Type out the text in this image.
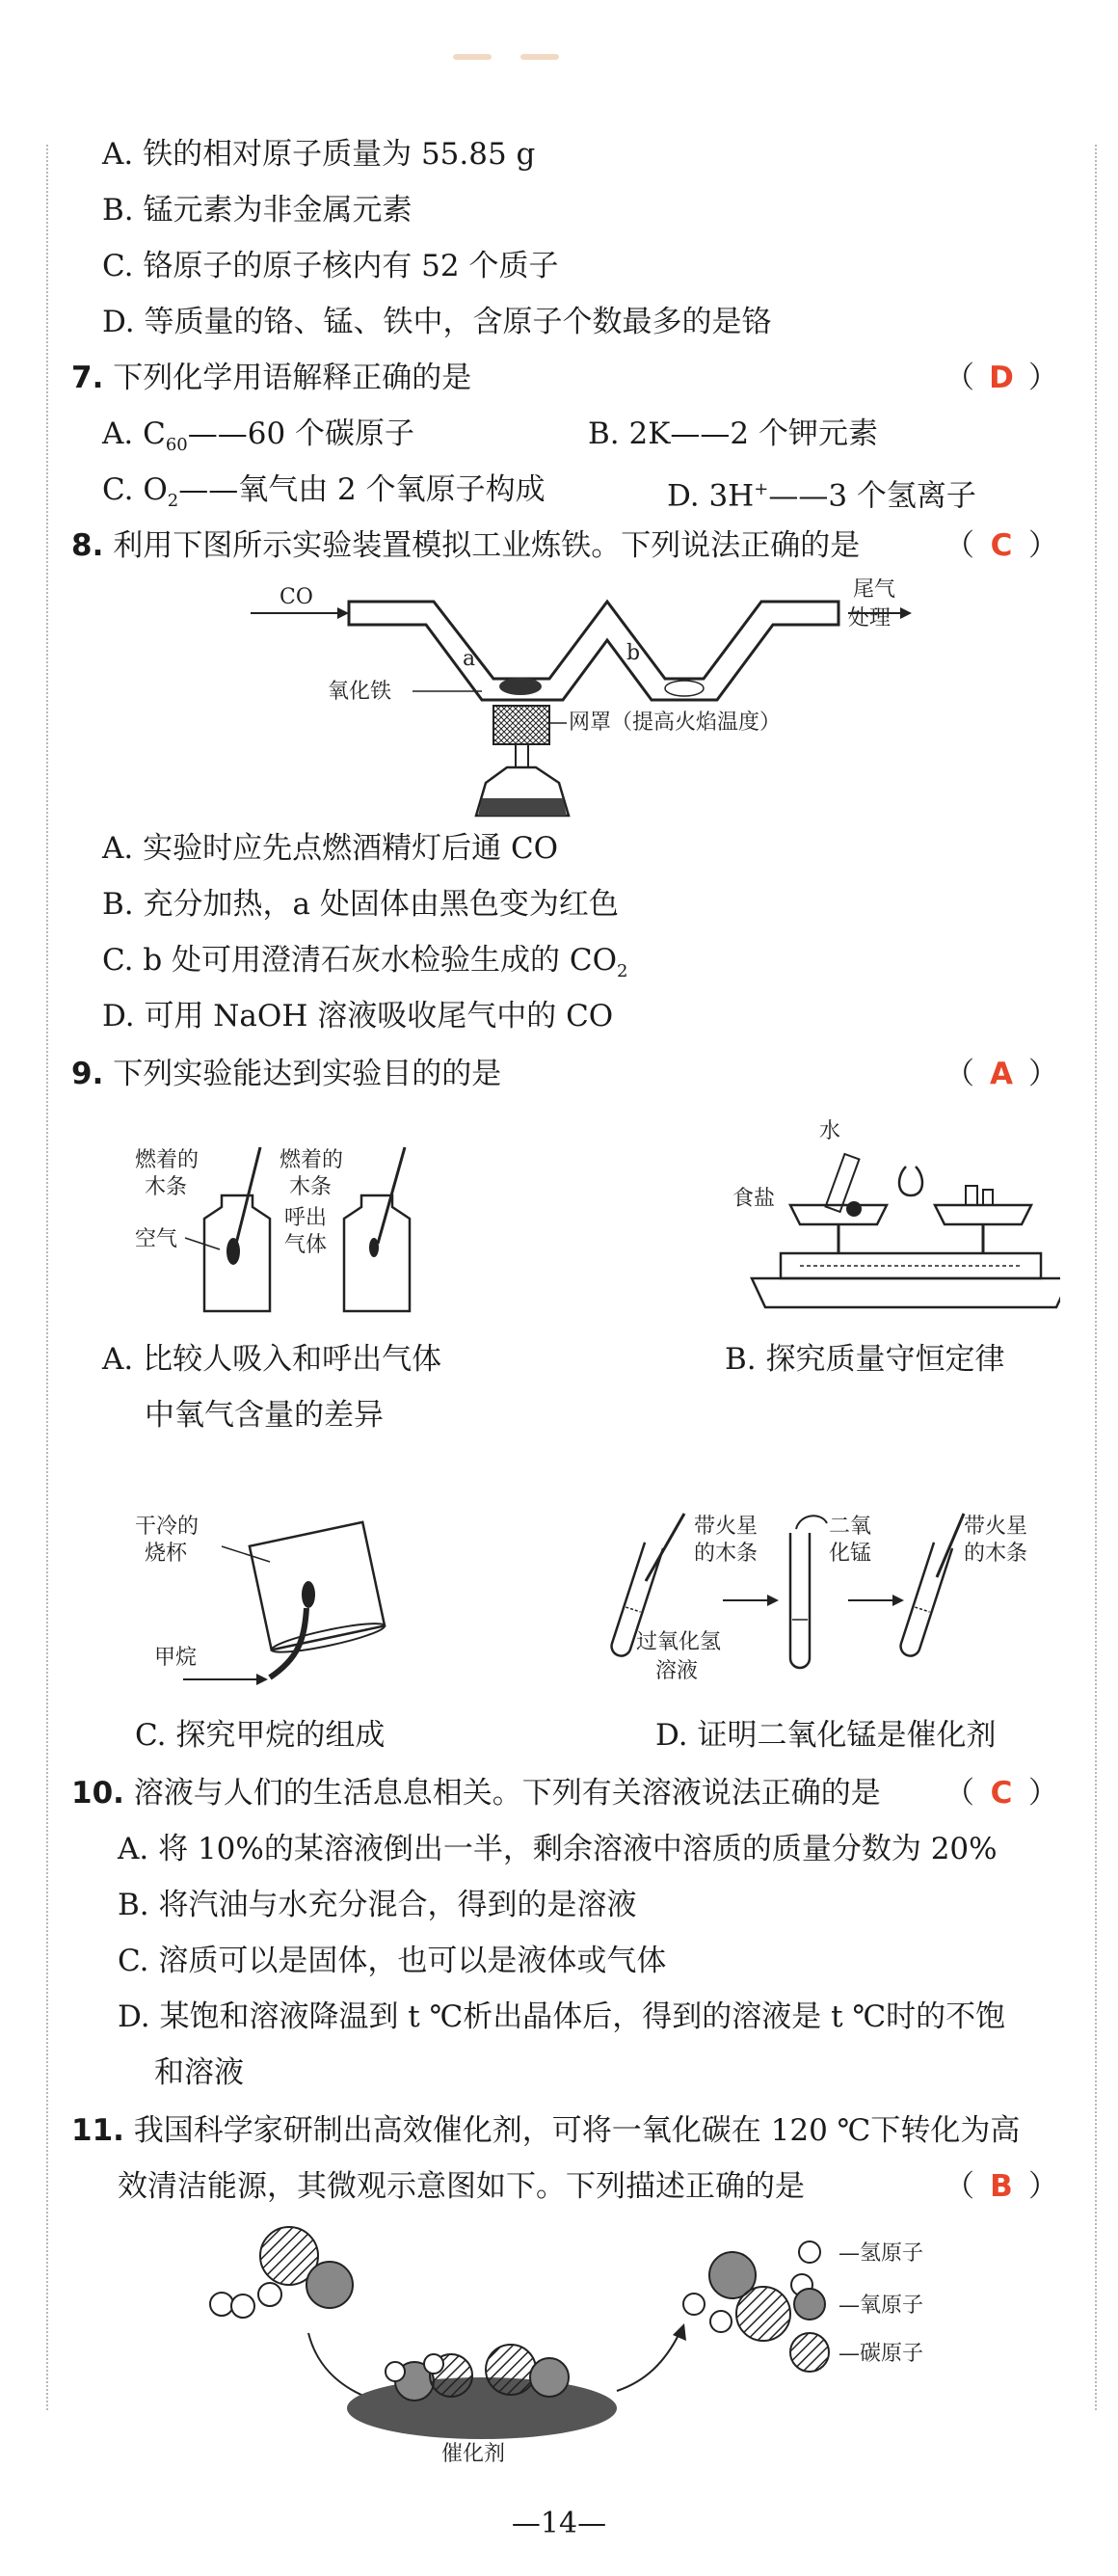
A. 铁的相对原子质量为 55.85 g
B. 锰元素为非金属元素
C. 铬原子的原子核内有 52 个质子
D. 等质量的铬、锰、铁中，含原子个数最多的是铬
7. 下列化学用语解释正确的是	（ D ）
A. $C_{60}——60$ 个碳原子	B. 2K——2 个钾元素
C. $O_2——$氧气由 2 个氧原子构成	D. 3H+——3 个氢离子
8. 利用下图所示实验装置模拟工业炼铁。下列说法正确的是	（ C ）
CO
a	b
尾气
处理
氧化铁
网罩（提高火焰温度）
A. 实验时应先点燃酒精灯后通 CO
B. 充分加热，a 处固体由黑色变为红色
C. b 处可用澄清石灰水检验生成的 $CO_2$
D. 可用 NaOH 溶液吸收尾气中的 CO
9. 下列实验能达到实验目的的是	（ A ）
燃着的
木条
燃着的
木条
呼出
气体
空气
A. 比较人吸入和呼出气体
中氧气含量的差异
水
食盐
B. 探究质量守恒定律
干冷的
烧杯
甲烷
C. 探究甲烷的组成
带火星
的木条
二氧
化锰
带火星
的木条
过氧化氢
溶液
D. 证明二氧化锰是催化剂
10. 溶液与人们的生活息息相关。下列有关溶液说法正确的是 （ C ）
A. 将 10%的某溶液倒出一半，剩余溶液中溶质的质量分数为 20%
B. 将汽油与水充分混合，得到的是溶液
C. 溶质可以是固体，也可以是液体或气体
D. 某饱和溶液降温到 t ℃析出晶体后，得到的溶液是 t ℃时的不饱
和溶液
11. 我国科学家研制出高效催化剂，可将一氧化碳在 120 ℃下转化为高
效清洁能源，其微观示意图如下。下列描述正确的是	（ B ）
—氢原子
—氧原子
—碳原子
催化剂
—14—
